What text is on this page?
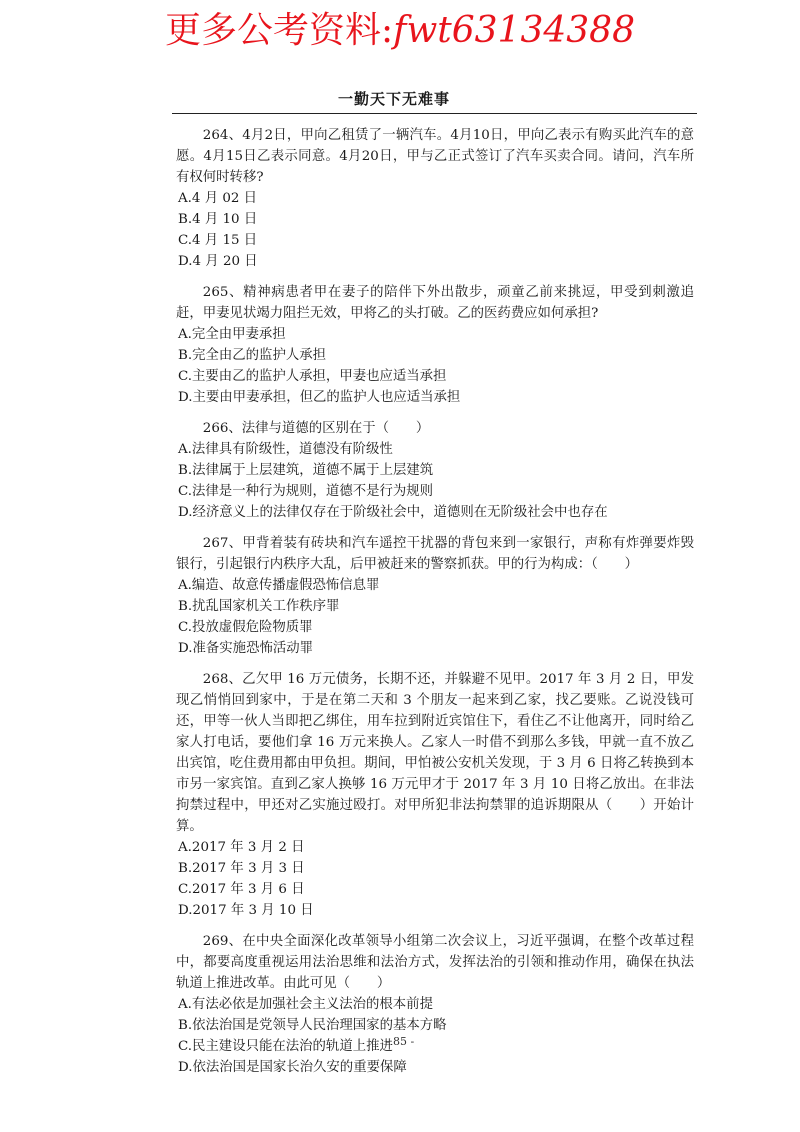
更多公考资料:fwt63134388
一勤天下无难事
264、4月2日，甲向乙租赁了一辆汽车。4月10日，甲向乙表示有购买此汽车的意愿。4月15日乙表示同意。4月20日，甲与乙正式签订了汽车买卖合同。请问，汽车所有权何时转移?
A.4 月 02 日
B.4 月 10 日
C.4 月 15 日
D.4 月 20 日
265、精神病患者甲在妻子的陪伴下外出散步，顽童乙前来挑逗，甲受到刺激追赶，甲妻见状竭力阻拦无效，甲将乙的头打破。乙的医药费应如何承担?
A.完全由甲妻承担
B.完全由乙的监护人承担
C.主要由乙的监护人承担，甲妻也应适当承担
D.主要由甲妻承担，但乙的监护人也应适当承担
266、法律与道德的区别在于（　　）
A.法律具有阶级性，道德没有阶级性
B.法律属于上层建筑，道德不属于上层建筑
C.法律是一种行为规则，道德不是行为规则
D.经济意义上的法律仅存在于阶级社会中，道德则在无阶级社会中也存在
267、甲背着装有砖块和汽车遥控干扰器的背包来到一家银行，声称有炸弹要炸毁银行，引起银行内秩序大乱，后甲被赶来的警察抓获。甲的行为构成：（　　）
A.编造、故意传播虚假恐怖信息罪
B.扰乱国家机关工作秩序罪
C.投放虚假危险物质罪
D.准备实施恐怖活动罪
268、乙欠甲 16 万元债务，长期不还，并躲避不见甲。2017 年 3 月 2 日，甲发现乙悄悄回到家中，于是在第二天和 3 个朋友一起来到乙家，找乙要账。乙说没钱可还，甲等一伙人当即把乙绑住，用车拉到附近宾馆住下，看住乙不让他离开，同时给乙家人打电话，要他们拿 16 万元来换人。乙家人一时借不到那么多钱，甲就一直不放乙出宾馆，吃住费用都由甲负担。期间，甲怕被公安机关发现，于 3 月 6 日将乙转换到本市另一家宾馆。直到乙家人换够 16 万元甲才于 2017 年 3 月 10 日将乙放出。在非法拘禁过程中，甲还对乙实施过殴打。对甲所犯非法拘禁罪的追诉期限从（　　）开始计算。
A.2017 年 3 月 2 日
B.2017 年 3 月 3 日
C.2017 年 3 月 6 日
D.2017 年 3 月 10 日
269、在中央全面深化改革领导小组第二次会议上，习近平强调，在整个改革过程中，都要高度重视运用法治思维和法治方式，发挥法治的引领和推动作用，确保在执法轨道上推进改革。由此可见（　　）
A.有法必依是加强社会主义法治的根本前提
B.依法治国是党领导人民治理国家的基本方略
C.民主建设只能在法治的轨道上推进
D.依法治国是国家长治久安的重要保障
- 85 -
